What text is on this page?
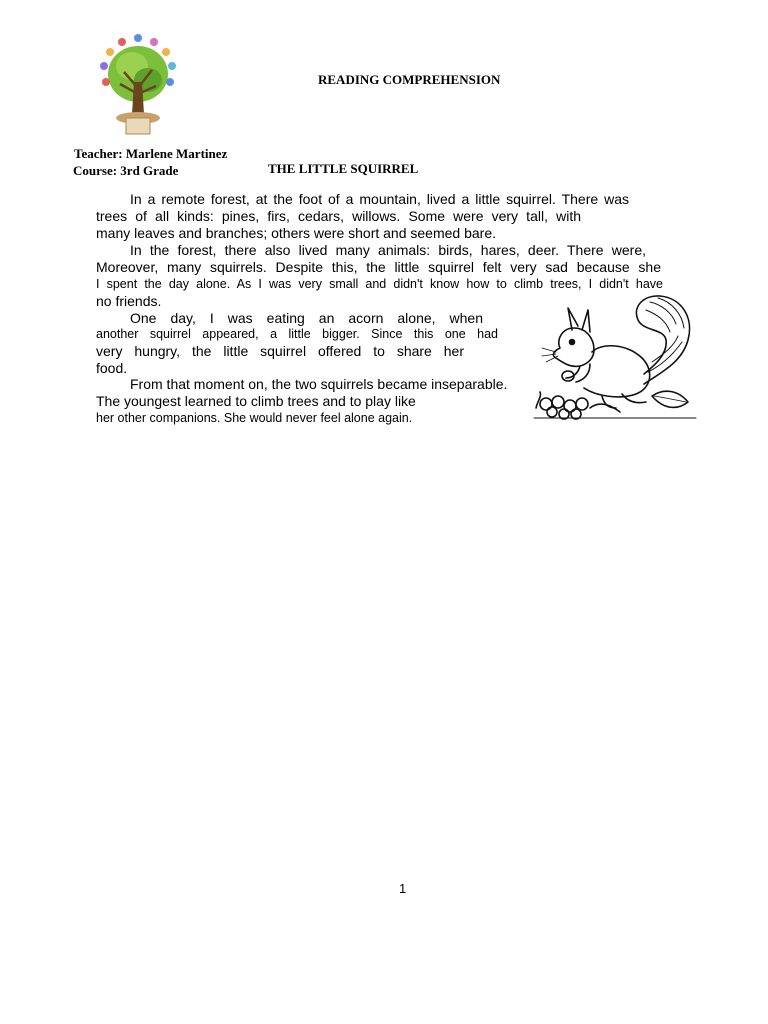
READING COMPREHENSION
Teacher: Marlene Martinez
Course: 3rd Grade	THE LITTLE SQUIRREL
In a remote forest, at the foot of a mountain, lived a little squirrel. There was
trees of all kinds: pines, firs, cedars, willows. Some were very tall, with
many leaves and branches; others were short and seemed bare.
In the forest, there also lived many animals: birds, hares, deer. There were,
Moreover, many squirrels. Despite this, the little squirrel felt very sad because she
I spent the day alone. As I was very small and didn't know how to climb trees, I didn't have
no friends.
One day, I was eating an acorn alone, when
another squirrel appeared, a little bigger. Since this one had
very hungry, the little squirrel offered to share her
food.
From that moment on, the two squirrels became inseparable.
The youngest learned to climb trees and to play like
her other companions. She would never feel alone again.
1
